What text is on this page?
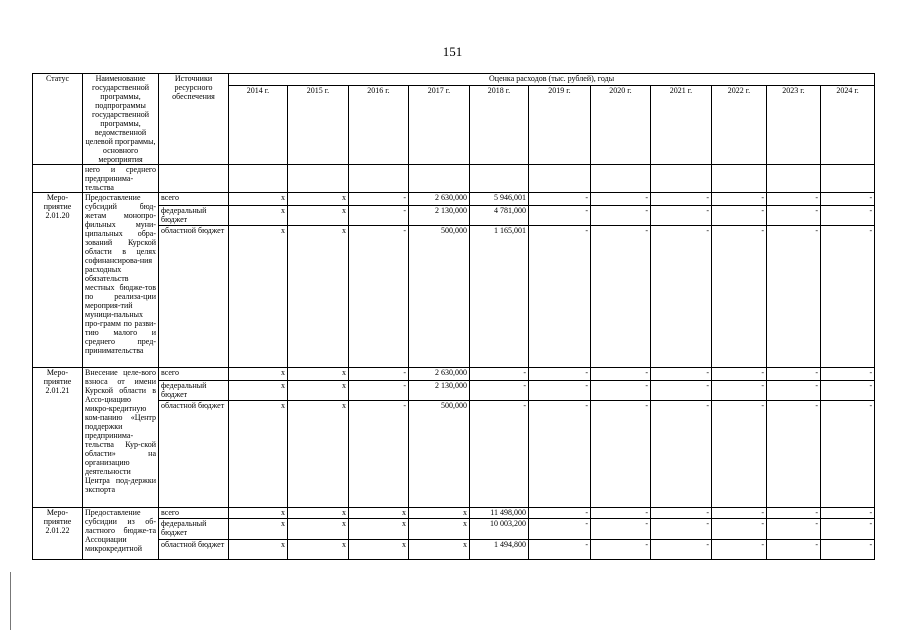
151
Статус	Наименование государственной программы, подпрограммы государственной программы, ведомственной целевой программы, основного мероприятия	Источники ресурсного обеспечения	Оценка расходов (тыс. рублей), годы										
			2014 г.	2015 г.	2016 г.	2017 г.	2018 г.	2019 г.	2020 г.	2021 г.	2022 г.	2023 г.	2024 г.
	него и среднего предпринима-тельства												
Меро-приятие 2.01.20	Предоставление субсидий бюд-жетам монопро-фильных муни-ципальных обра-зований Курской области в целях софинансирова-ния расходных обязательств местных бюдже-тов по реализа-ции мероприя-тий муници-пальных про-грамм по разви-тию малого и среднего пред-принимательства	всего	x	x	-	2 630,000	5 946,001	-	-	-	-	-	-
		федеральный бюджет	x	x	-	2 130,000	4 781,000	-	-	-	-	-	-
		областной бюджет	x	x	-	500,000	1 165,001	-	-	-	-	-	-
Меро-приятие 2.01.21	Внесение целе-вого взноса от имени Курской области в Ассо-циацию микро-кредитную ком-панию «Центр поддержки предпринима-тельства Кур-ской области» на организацию деятельности Центра под-держки экспорта	всего	x	x	-	2 630,000	-	-	-	-	-	-	-
		федеральный бюджет	x	x	-	2 130,000	-	-	-	-	-	-	-
		областной бюджет	x	x	-	500,000	-	-	-	-	-	-	-
Меро-приятие 2.01.22	Предоставление субсидии из об-ластного бюдже-та Ассоциации микрокредитной	всего	x	x	x	x	11 498,000	-	-	-	-	-	-
		федеральный бюджет	x	x	x	x	10 003,200	-	-	-	-	-	-
		областной бюджет	x	x	x	x	1 494,800	-	-	-	-	-	-
